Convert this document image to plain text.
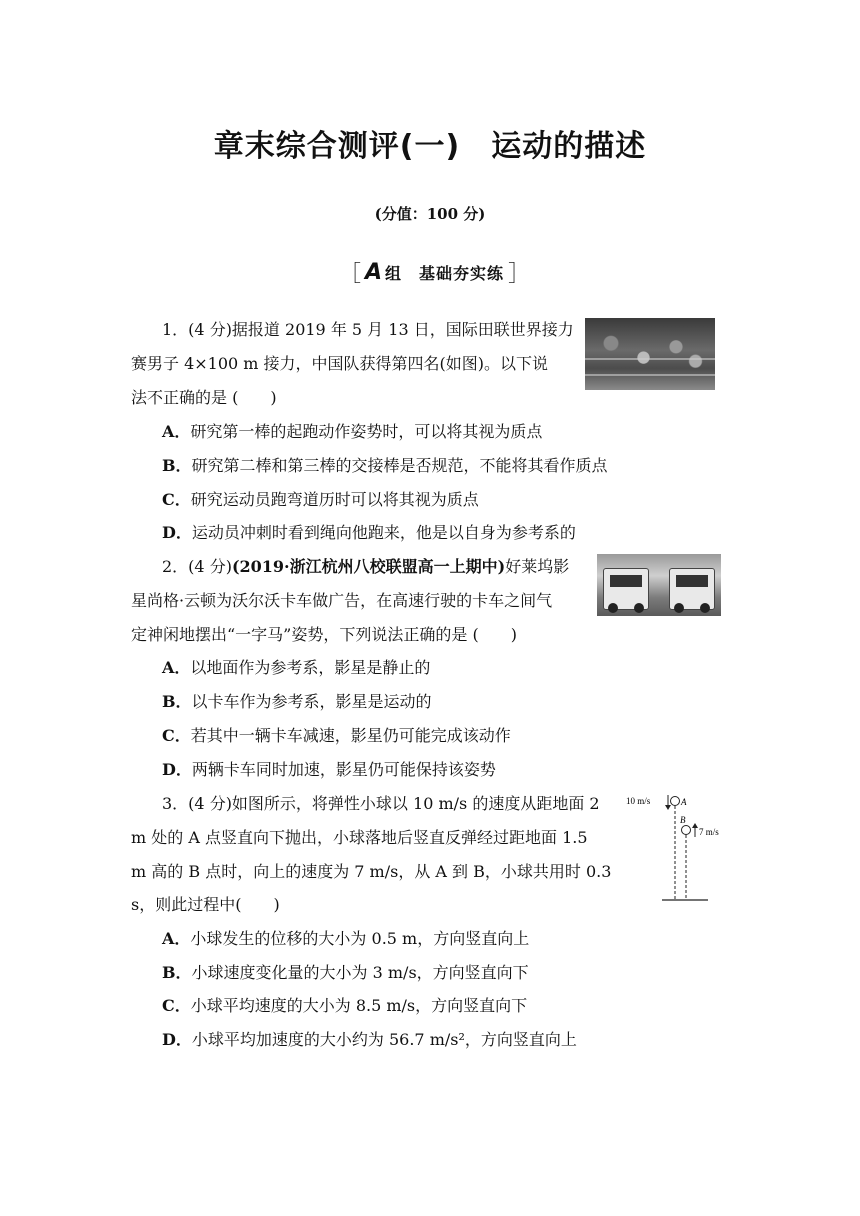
章末综合测评(一)　运动的描述
(分值：100 分)
［ A 组　基础夯实练 ］
1．(4 分)据报道 2019 年 5 月 13 日，国际田联世界接力
赛男子 4×100 m 接力，中国队获得第四名(如图)。以下说
法不正确的是 (　　)
A．研究第一棒的起跑动作姿势时，可以将其视为质点
B．研究第二棒和第三棒的交接棒是否规范，不能将其看作质点
C．研究运动员跑弯道历时可以将其视为质点
D．运动员冲刺时看到绳向他跑来，他是以自身为参考系的
2．(4 分)(2019·浙江杭州八校联盟高一上期中)好莱坞影
星尚格·云顿为沃尔沃卡车做广告，在高速行驶的卡车之间气
定神闲地摆出“一字马”姿势，下列说法正确的是 (　　)
A．以地面作为参考系，影星是静止的
B．以卡车作为参考系，影星是运动的
C．若其中一辆卡车减速，影星仍可能完成该动作
D．两辆卡车同时加速，影星仍可能保持该姿势
3．(4 分)如图所示，将弹性小球以 10 m/s 的速度从距地面 2
m 处的 A 点竖直向下抛出，小球落地后竖直反弹经过距地面 1.5
m 高的 B 点时，向上的速度为 7 m/s，从 A 到 B，小球共用时 0.3
s，则此过程中(　　)
10 m/s	A
B
7 m/s
A．小球发生的位移的大小为 0.5 m，方向竖直向上
B．小球速度变化量的大小为 3 m/s，方向竖直向下
C．小球平均速度的大小为 8.5 m/s，方向竖直向下
D．小球平均加速度的大小约为 56.7 m/s²，方向竖直向上
